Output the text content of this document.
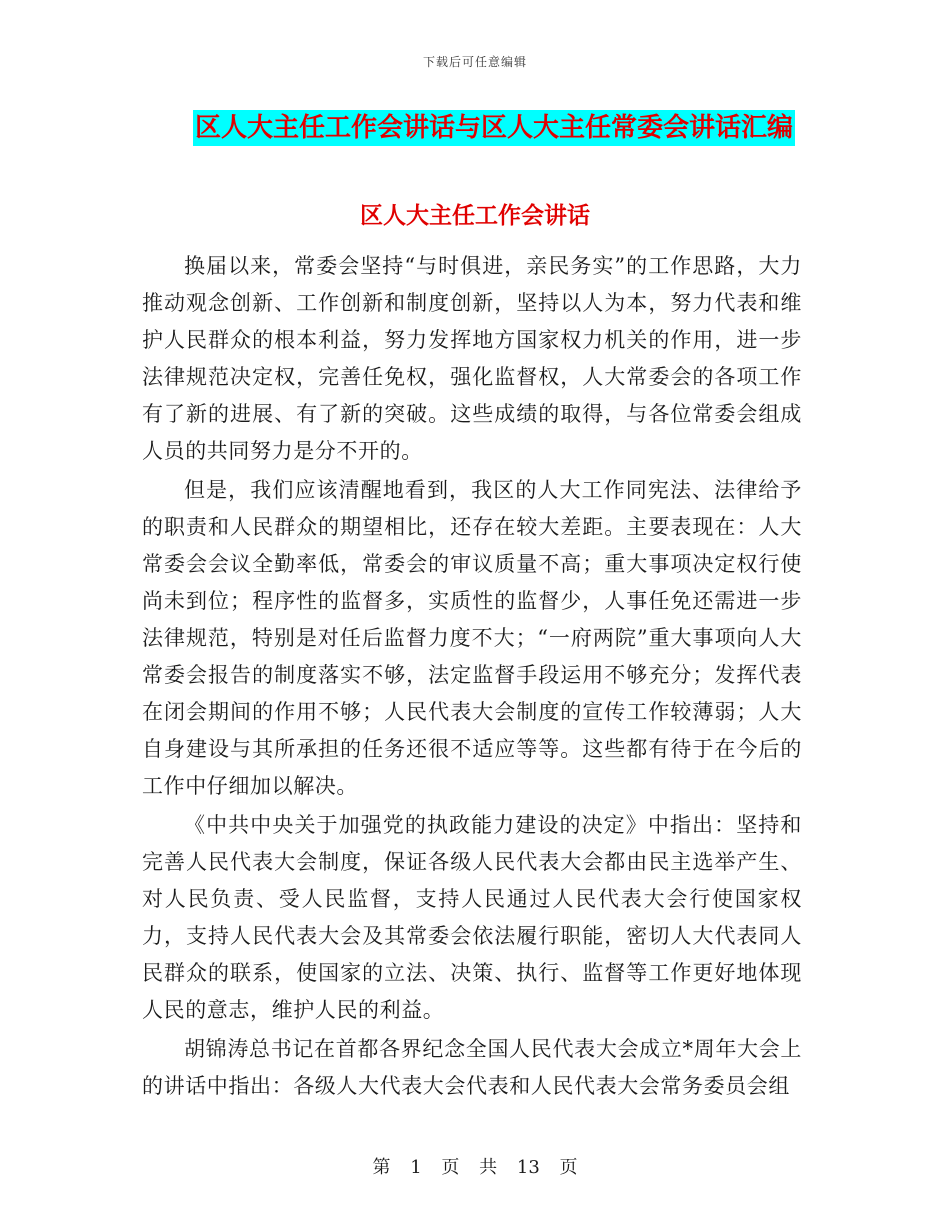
下载后可任意编辑
区人大主任工作会讲话与区人大主任常委会讲话汇编
区人大主任工作会讲话

换届以来，常委会坚持“与时俱进，亲民务实”的工作思路，大力推动观念创新、工作创新和制度创新，坚持以人为本，努力代表和维护人民群众的根本利益，努力发挥地方国家权力机关的作用，进一步法律规范决定权，完善任免权，强化监督权，人大常委会的各项工作有了新的进展、有了新的突破。这些成绩的取得，与各位常委会组成人员的共同努力是分不开的。

但是，我们应该清醒地看到，我区的人大工作同宪法、法律给予的职责和人民群众的期望相比，还存在较大差距。主要表现在：人大常委会会议全勤率低，常委会的审议质量不高；重大事项决定权行使尚未到位；程序性的监督多，实质性的监督少，人事任免还需进一步法律规范，特别是对任后监督力度不大；“一府两院”重大事项向人大常委会报告的制度落实不够，法定监督手段运用不够充分；发挥代表在闭会期间的作用不够；人民代表大会制度的宣传工作较薄弱；人大自身建设与其所承担的任务还很不适应等等。这些都有待于在今后的工作中仔细加以解决。

《中共中央关于加强党的执政能力建设的决定》中指出：坚持和完善人民代表大会制度，保证各级人民代表大会都由民主选举产生、对人民负责、受人民监督，支持人民通过人民代表大会行使国家权力，支持人民代表大会及其常委会依法履行职能，密切人大代表同人民群众的联系，使国家的立法、决策、执行、监督等工作更好地体现人民的意志，维护人民的利益。

胡锦涛总书记在首都各界纪念全国人民代表大会成立*周年大会上的讲话中指出：各级人大代表大会代表和人民代表大会常务委员会组

第 1 页 共 13 页
